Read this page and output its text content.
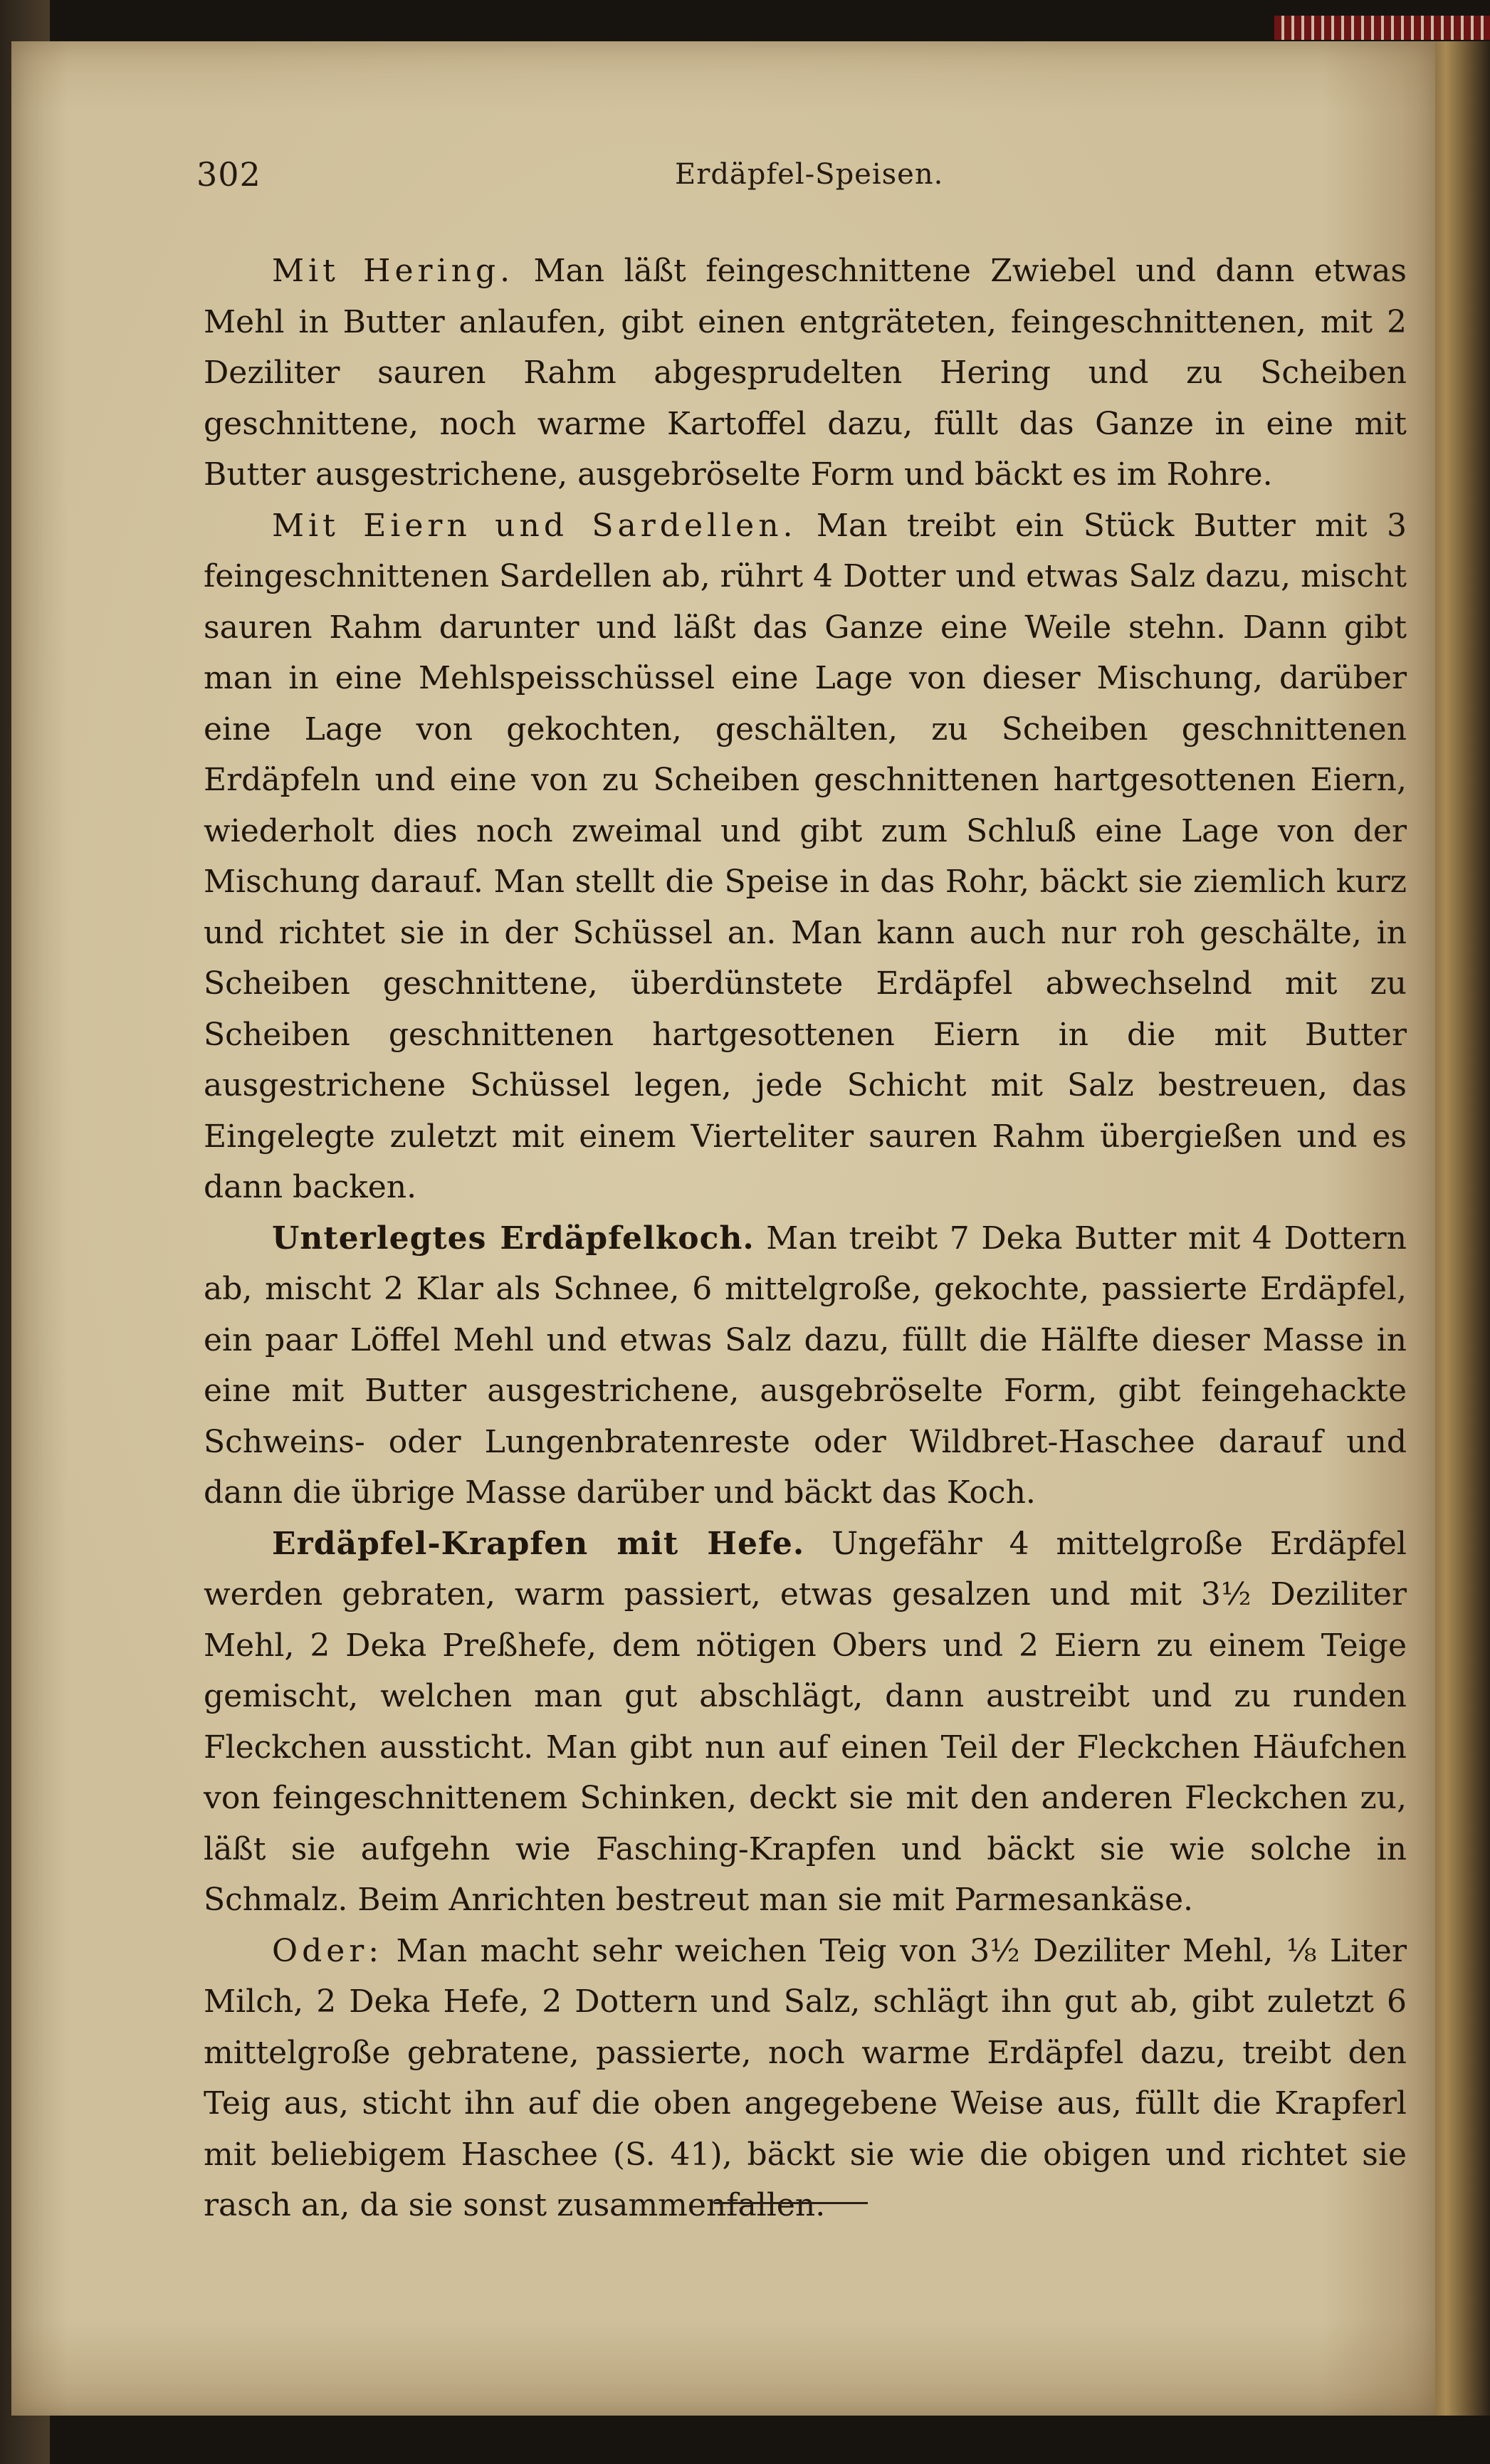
302	Erdäpfel-Speisen.

Mit Hering. Man läßt feingeschnittene Zwiebel und dann etwas Mehl in Butter anlaufen, gibt einen entgräteten, feingeschnittenen, mit 2 Deziliter sauren Rahm abgesprudelten Hering und zu Scheiben geschnittene, noch warme Kartoffel dazu, füllt das Ganze in eine mit Butter ausgestrichene, ausgebröselte Form und bäckt es im Rohre.

Mit Eiern und Sardellen. Man treibt ein Stück Butter mit 3 feingeschnittenen Sardellen ab, rührt 4 Dotter und etwas Salz dazu, mischt sauren Rahm darunter und läßt das Ganze eine Weile stehn. Dann gibt man in eine Mehlspeisschüssel eine Lage von dieser Mischung, darüber eine Lage von gekochten, geschälten, zu Scheiben geschnittenen Erdäpfeln und eine von zu Scheiben geschnittenen hartgesottenen Eiern, wiederholt dies noch zweimal und gibt zum Schluß eine Lage von der Mischung darauf. Man stellt die Speise in das Rohr, bäckt sie ziemlich kurz und richtet sie in der Schüssel an. Man kann auch nur roh geschälte, in Scheiben geschnittene, überdünstete Erdäpfel abwechselnd mit zu Scheiben geschnittenen hartgesottenen Eiern in die mit Butter ausgestrichene Schüssel legen, jede Schicht mit Salz bestreuen, das Eingelegte zuletzt mit einem Vierteliter sauren Rahm übergießen und es dann backen.

Unterlegtes Erdäpfelkoch. Man treibt 7 Deka Butter mit 4 Dottern ab, mischt 2 Klar als Schnee, 6 mittelgroße, gekochte, passierte Erdäpfel, ein paar Löffel Mehl und etwas Salz dazu, füllt die Hälfte dieser Masse in eine mit Butter ausgestrichene, ausgebröselte Form, gibt feingehackte Schweins- oder Lungenbratenreste oder Wildbret-Haschee darauf und dann die übrige Masse darüber und bäckt das Koch.

Erdäpfel-Krapfen mit Hefe. Ungefähr 4 mittelgroße Erdäpfel werden gebraten, warm passiert, etwas gesalzen und mit 3½ Deziliter Mehl, 2 Deka Preßhefe, dem nötigen Obers und 2 Eiern zu einem Teige gemischt, welchen man gut abschlägt, dann austreibt und zu runden Fleckchen aussticht. Man gibt nun auf einen Teil der Fleckchen Häufchen von feingeschnittenem Schinken, deckt sie mit den anderen Fleckchen zu, läßt sie aufgehn wie Fasching-Krapfen und bäckt sie wie solche in Schmalz. Beim Anrichten bestreut man sie mit Parmesankäse.

Oder: Man macht sehr weichen Teig von 3½ Deziliter Mehl, ⅛ Liter Milch, 2 Deka Hefe, 2 Dottern und Salz, schlägt ihn gut ab, gibt zuletzt 6 mittelgroße gebratene, passierte, noch warme Erdäpfel dazu, treibt den Teig aus, sticht ihn auf die oben angegebene Weise aus, füllt die Krapferl mit beliebigem Haschee (S. 41), bäckt sie wie die obigen und richtet sie rasch an, da sie sonst zusammenfallen.
